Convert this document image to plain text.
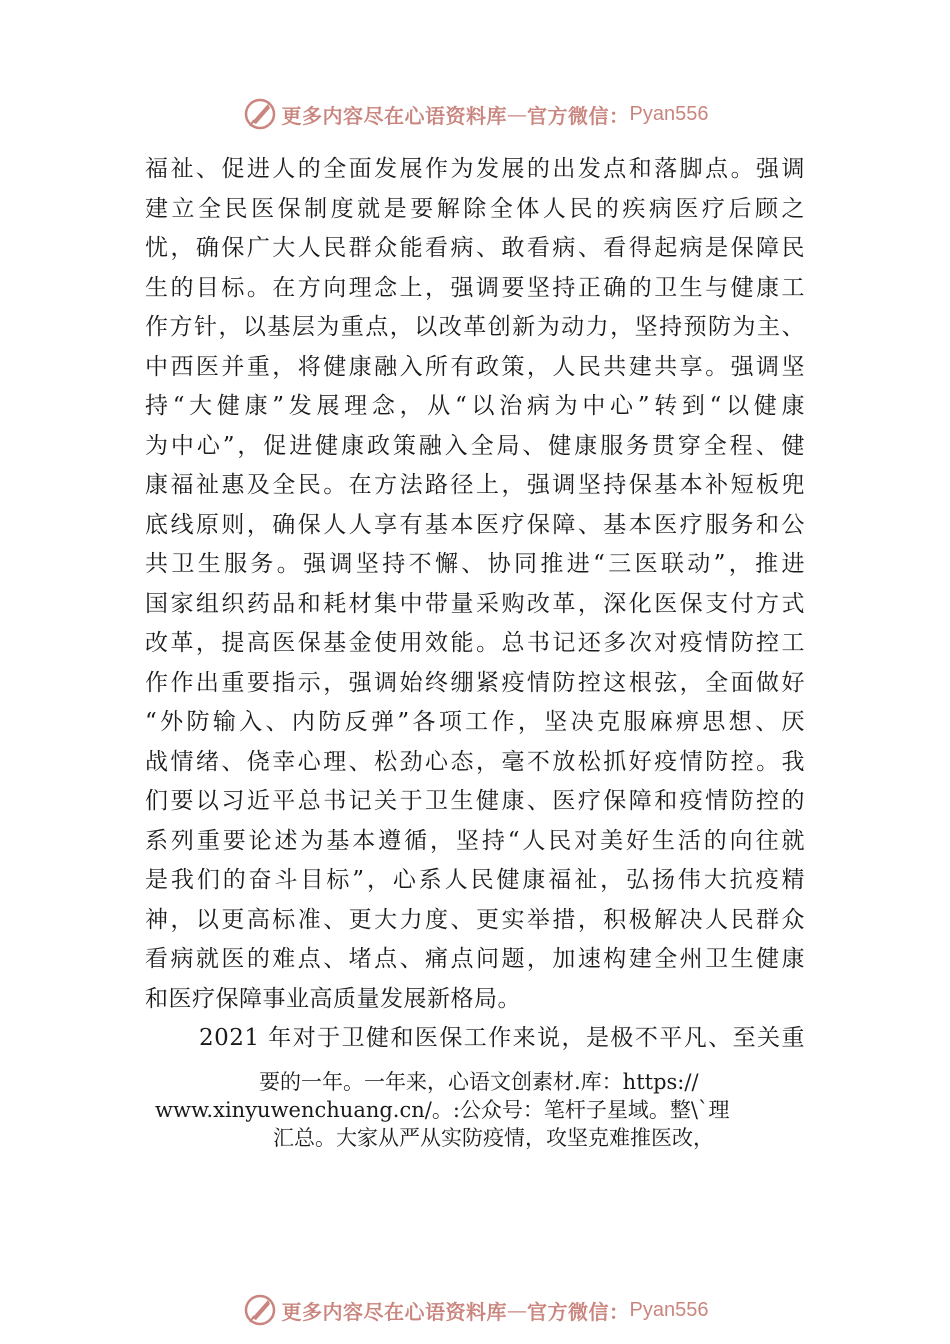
更多内容尽在心语资料库 — 官方微信： Pyan556
福祉、促进人的全面发展作为发展的出发点和落脚点。强调
建立全民医保制度就是要解除全体人民的疾病医疗后顾之
忧，确保广大人民群众能看病、敢看病、看得起病是保障民
生的目标。在方向理念上，强调要坚持正确的卫生与健康工
作方针，以基层为重点，以改革创新为动力，坚持预防为主、
中西医并重，将健康融入所有政策，人民共建共享。强调坚
持“大健康”发展理念，从“以治病为中心”转到“以健康
为中心”，促进健康政策融入全局、健康服务贯穿全程、健
康福祉惠及全民。在方法路径上，强调坚持保基本补短板兜
底线原则，确保人人享有基本医疗保障、基本医疗服务和公
共卫生服务。强调坚持不懈、协同推进“三医联动”，推进
国家组织药品和耗材集中带量采购改革，深化医保支付方式
改革，提高医保基金使用效能。总书记还多次对疫情防控工
作作出重要指示，强调始终绷紧疫情防控这根弦，全面做好
“外防输入、内防反弹”各项工作，坚决克服麻痹思想、厌
战情绪、侥幸心理、松劲心态，毫不放松抓好疫情防控。我
们要以习近平总书记关于卫生健康、医疗保障和疫情防控的
系列重要论述为基本遵循，坚持“人民对美好生活的向往就
是我们的奋斗目标”，心系人民健康福祉，弘扬伟大抗疫精
神，以更高标准、更大力度、更实举措，积极解决人民群众
看病就医的难点、堵点、痛点问题，加速构建全州卫生健康
和医疗保障事业高质量发展新格局。
2021 年对于卫健和医保工作来说，是极不平凡、至关重
要的一年。一年来，心语文创素材.库：https://
www.xinyuwenchuang.cn/。:公众号：笔杆子星域。整\`理
汇总。大家从严从实防疫情，攻坚克难推医改，
更多内容尽在心语资料库 — 官方微信： Pyan556
